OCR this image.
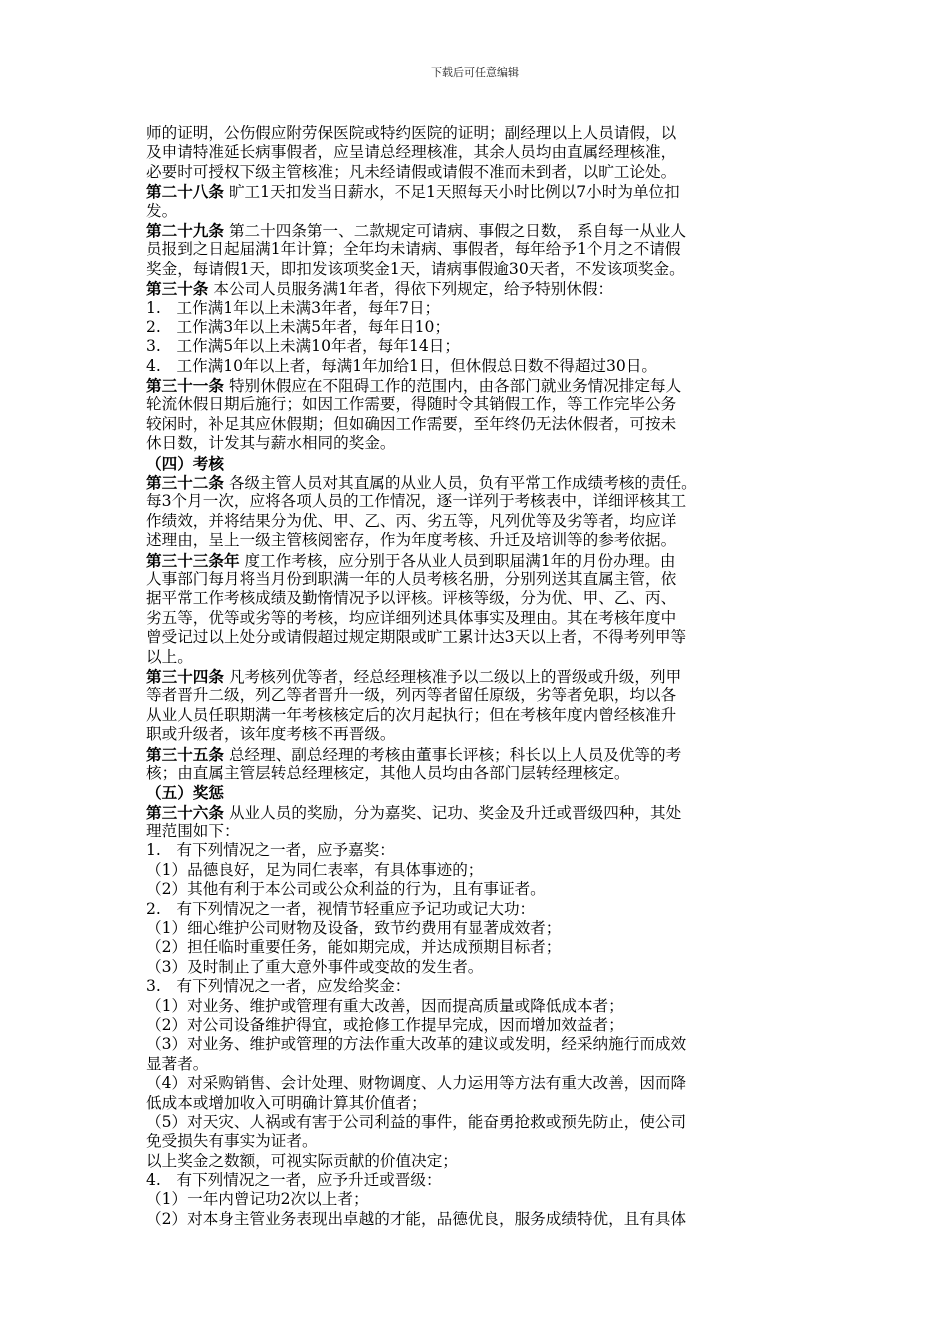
下载后可任意编辑
师的证明，公伤假应附劳保医院或特约医院的证明；副经理以上人员请假，以
及申请特准延长病事假者，应呈请总经理核准，其余人员均由直属经理核准，
必要时可授权下级主管核准；凡未经请假或请假不准而未到者，以旷工论处。
第二十八条 旷工1天扣发当日薪水，不足1天照每天小时比例以7小时为单位扣
发。
第二十九条 第二十四条第一、二款规定可请病、事假之日数， 系自每一从业人
员报到之日起届满1年计算；全年均未请病、事假者，每年给予1个月之不请假
奖金，每请假1天，即扣发该项奖金1天，请病事假逾30天者，不发该项奖金。
第三十条 本公司人员服务满1年者，得依下列规定，给予特别休假：
1.　工作满1年以上未满3年者，每年7日；
2.　工作满3年以上未满5年者，每年日10；
3.　工作满5年以上未满10年者，每年14日；
4.　工作满10年以上者，每满1年加给1日，但休假总日数不得超过30日。
第三十一条 特别休假应在不阻碍工作的范围内，由各部门就业务情况排定每人
轮流休假日期后施行；如因工作需要，得随时令其销假工作，等工作完毕公务
较闲时，补足其应休假期；但如确因工作需要，至年终仍无法休假者，可按未
休日数，计发其与薪水相同的奖金。
（四）考核
第三十二条 各级主管人员对其直属的从业人员，负有平常工作成绩考核的责任。
每3个月一次，应将各项人员的工作情况，逐一详列于考核表中，详细评核其工
作绩效，并将结果分为优、甲、乙、丙、劣五等，凡列优等及劣等者，均应详
述理由，呈上一级主管核阅密存，作为年度考核、升迁及培训等的参考依据。
第三十三条年 度工作考核，应分别于各从业人员到职届满1年的月份办理。由
人事部门每月将当月份到职满一年的人员考核名册，分别列送其直属主管，依
据平常工作考核成绩及勤惰情况予以评核。评核等级，分为优、甲、乙、丙、
劣五等，优等或劣等的考核，均应详细列述具体事实及理由。其在考核年度中
曾受记过以上处分或请假超过规定期限或旷工累计达3天以上者，不得考列甲等
以上。
第三十四条 凡考核列优等者，经总经理核准予以二级以上的晋级或升级，列甲
等者晋升二级，列乙等者晋升一级，列丙等者留任原级，劣等者免职，均以各
从业人员任职期满一年考核核定后的次月起执行；但在考核年度内曾经核准升
职或升级者，该年度考核不再晋级。
第三十五条 总经理、副总经理的考核由董事长评核；科长以上人员及优等的考
核；由直属主管层转总经理核定，其他人员均由各部门层转经理核定。
（五）奖惩
第三十六条 从业人员的奖励，分为嘉奖、记功、奖金及升迁或晋级四种，其处
理范围如下：
1.　有下列情况之一者，应予嘉奖：
（1）品德良好，足为同仁表率，有具体事迹的；
（2）其他有利于本公司或公众利益的行为，且有事证者。
2.　有下列情况之一者，视情节轻重应予记功或记大功：
（1）细心维护公司财物及设备，致节约费用有显著成效者；
（2）担任临时重要任务，能如期完成，并达成预期目标者；
（3）及时制止了重大意外事件或变故的发生者。
3.　有下列情况之一者，应发给奖金：
（1）对业务、维护或管理有重大改善，因而提高质量或降低成本者；
（2）对公司设备维护得宜，或抢修工作提早完成，因而增加效益者；
（3）对业务、维护或管理的方法作重大改革的建议或发明，经采纳施行而成效
显著者。
（4）对采购销售、会计处理、财物调度、人力运用等方法有重大改善，因而降
低成本或增加收入可明确计算其价值者；
（5）对天灾、人祸或有害于公司利益的事件，能奋勇抢救或预先防止，使公司
免受损失有事实为证者。
以上奖金之数额，可视实际贡献的价值决定；
4.　有下列情况之一者，应予升迁或晋级：
（1）一年内曾记功2次以上者；
（2）对本身主管业务表现出卓越的才能，品德优良，服务成绩特优，且有具体
